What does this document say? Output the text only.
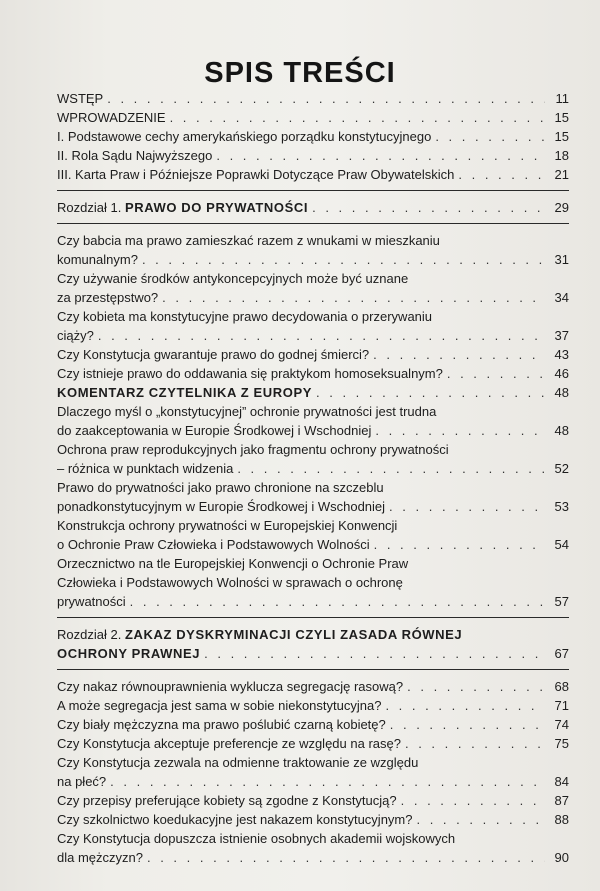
SPIS TREŚCI
WSTĘP . . .	11
WPROWADZENIE . . .	15
I. Podstawowe cechy amerykańskiego porządku konstytucyjnego . . .	15
II. Rola Sądu Najwyższego . . .	18
III. Karta Praw i Późniejsze Poprawki Dotyczące Praw Obywatelskich . . .	21
Rozdział 1. PRAWO DO PRYWATNOŚCI . . .	29
Czy babcia ma prawo zamieszkać razem z wnukami w mieszkaniu
komunalnym? . . .	31
Czy używanie środków antykoncepcyjnych może być uznane
za przestępstwo? . . .	34
Czy kobieta ma konstytucyjne prawo decydowania o przerywaniu
ciąży? . . .	37
Czy Konstytucja gwarantuje prawo do godnej śmierci? . . .	43
Czy istnieje prawo do oddawania się praktykom homoseksualnym? . . .	46
KOMENTARZ CZYTELNIKA Z EUROPY . . .	48
Dlaczego myśl o „konstytucyjnej” ochronie prywatności jest trudna
do zaakceptowania w Europie Środkowej i Wschodniej . . .	48
Ochrona praw reprodukcyjnych jako fragmentu ochrony prywatności
– różnica w punktach widzenia . . .	52
Prawo do prywatności jako prawo chronione na szczeblu
ponadkonstytucyjnym w Europie Środkowej i Wschodniej . . .	53
Konstrukcja ochrony prywatności w Europejskiej Konwencji
o Ochronie Praw Człowieka i Podstawowych Wolności . . .	54
Orzecznictwo na tle Europejskiej Konwencji o Ochronie Praw
Człowieka i Podstawowych Wolności w sprawach o ochronę
prywatności . . .	57
Rozdział 2. ZAKAZ DYSKRYMINACJI CZYLI ZASADA RÓWNEJ
OCHRONY PRAWNEJ . . .	67
Czy nakaz równouprawnienia wyklucza segregację rasową? . . .	68
A może segregacja jest sama w sobie niekonstytucyjna? . . .	71
Czy biały mężczyzna ma prawo poślubić czarną kobietę? . . .	74
Czy Konstytucja akceptuje preferencje ze względu na rasę? . . .	75
Czy Konstytucja zezwala na odmienne traktowanie ze względu
na płeć? . . .	84
Czy przepisy preferujące kobiety są zgodne z Konstytucją? . . .	87
Czy szkolnictwo koedukacyjne jest nakazem konstytucyjnym? . . .	88
Czy Konstytucja dopuszcza istnienie osobnych akademii wojskowych
dla mężczyzn? . . .	90
